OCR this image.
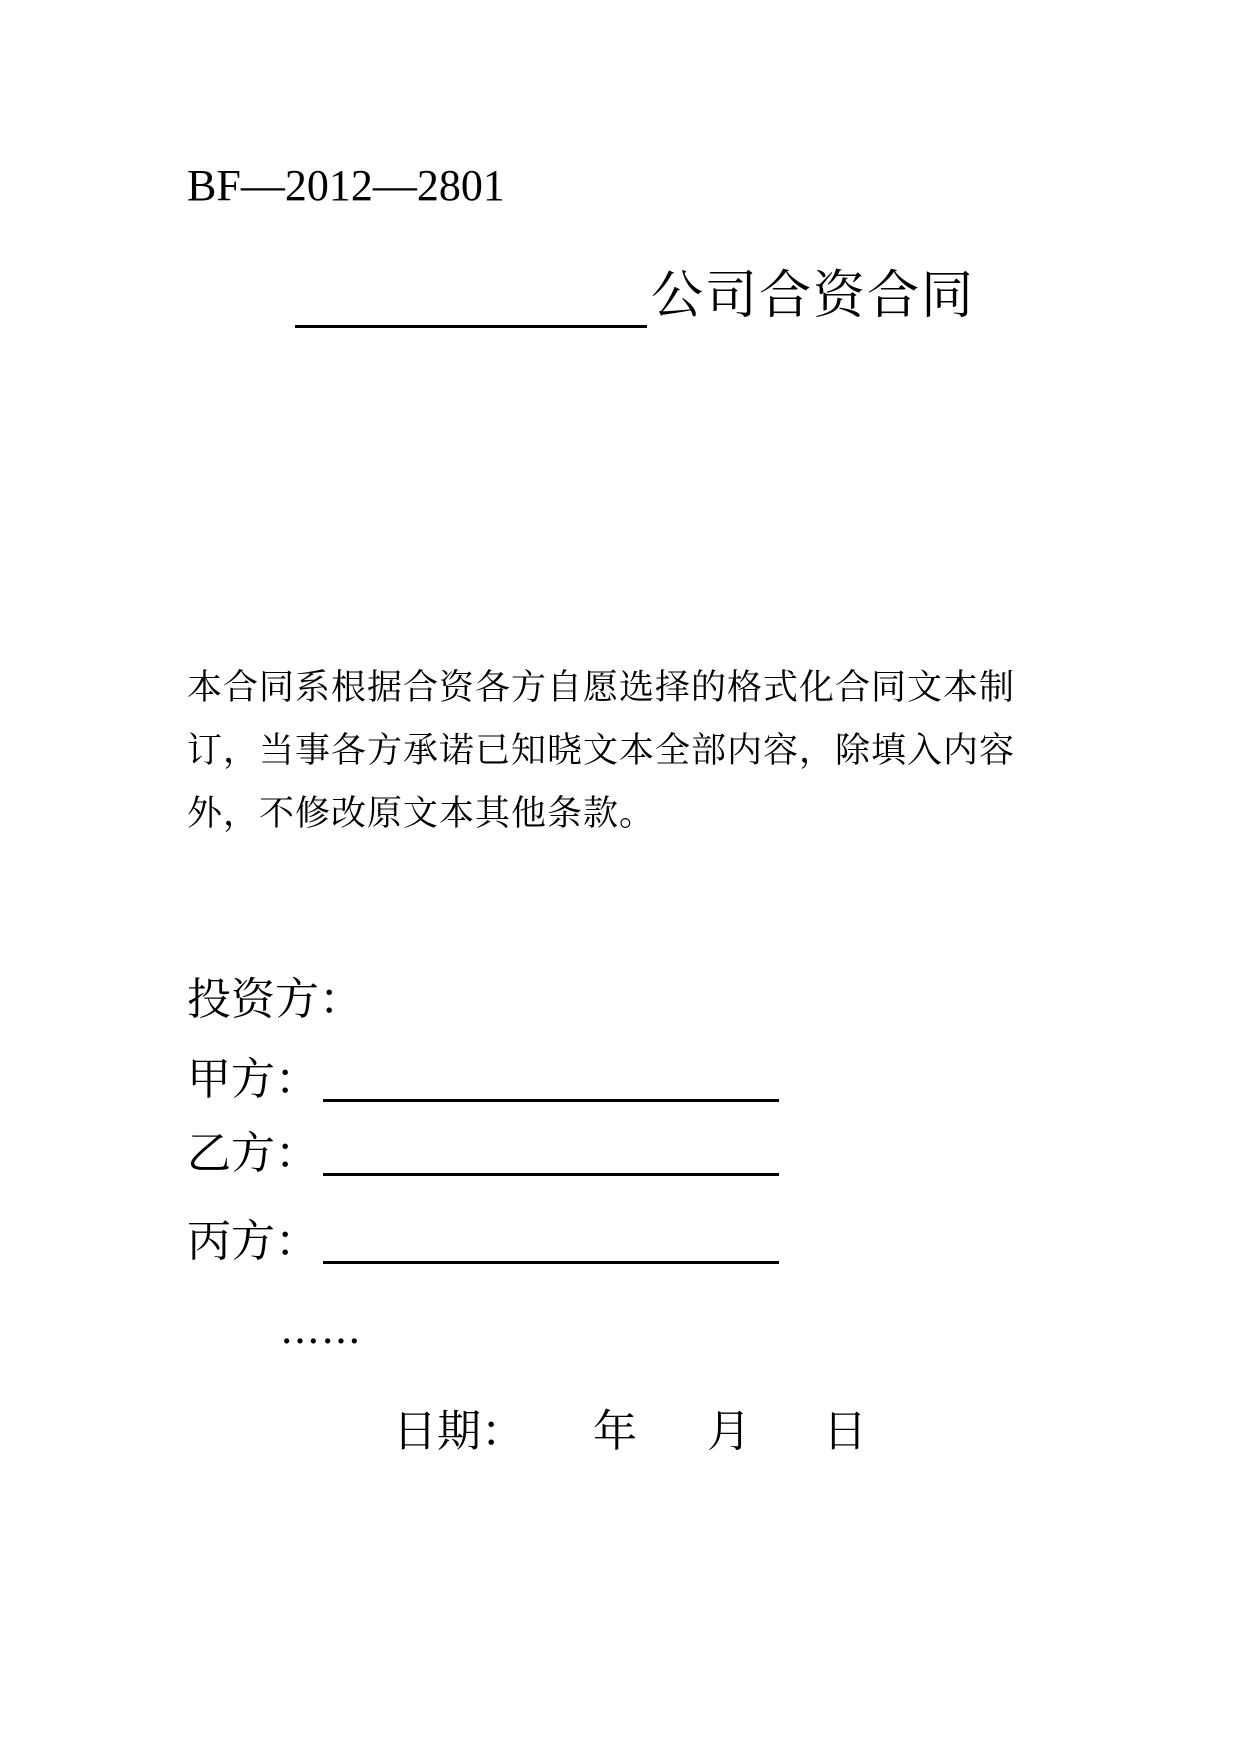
BF—2012—2801
公司合资合同

本合同系根据合资各方自愿选择的格式化合同文本制

订，当事各方承诺已知晓文本全部内容，除填入内容

外，不修改原文本其他条款。

投资方：
甲方：
乙方：
丙方：
……
日期： 年 月 日
